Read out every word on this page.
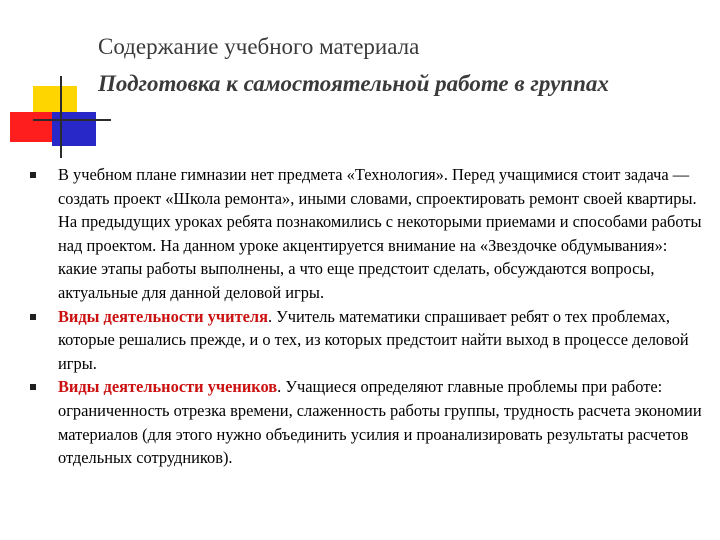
Содержание учебного материала
Подготовка к самостоятельной работе в группах
В учебном плане гимназии нет предмета «Технология». Перед учащимися стоит задача — создать проект «Школа ремонта», иными словами, спроектировать ремонт своей квартиры. На предыдущих уроках ребята познакомились с некоторыми приемами и способами работы над проектом. На данном уроке акцентируется внимание на «Звездочке обдумывания»: какие этапы работы выполнены, а что еще предстоит сделать, обсуждаются вопросы, актуальные для данной деловой игры.
Виды деятельности учителя. Учитель математики спрашивает ребят о тех проблемах, которые решались прежде, и о тех, из которых предстоит найти выход в процессе деловой игры.
Виды деятельности учеников. Учащиеся определяют главные проблемы при работе: ограниченность отрезка времени, слаженность работы группы, трудность расчета экономии материалов (для этого нужно объединить усилия и проанализировать результаты расчетов отдельных сотрудников).
